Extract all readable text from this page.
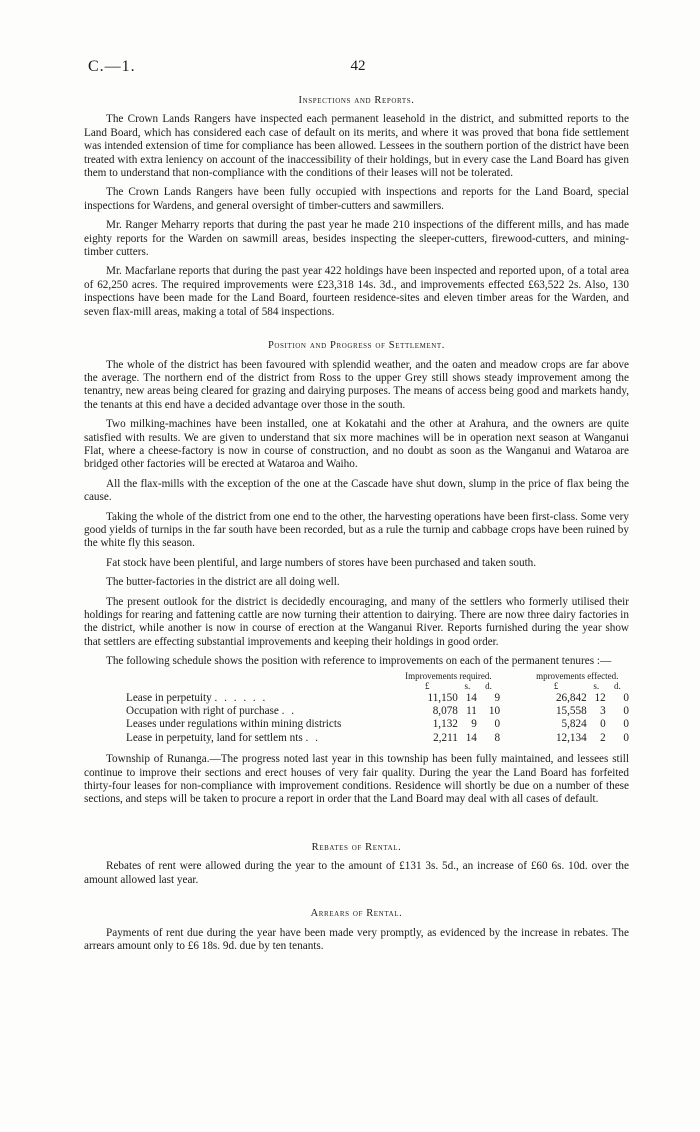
C.—1.	42
Inspections and Reports.

The Crown Lands Rangers have inspected each permanent leasehold in the district, and submitted reports to the Land Board, which has considered each case of default on its merits, and where it was proved that bona fide settlement was intended extension of time for compliance has been allowed. Lessees in the southern portion of the district have been treated with extra leniency on account of the inaccessibility of their holdings, but in every case the Land Board has given them to understand that non-compliance with the conditions of their leases will not be tolerated.

The Crown Lands Rangers have been fully occupied with inspections and reports for the Land Board, special inspections for Wardens, and general oversight of timber-cutters and sawmillers.

Mr. Ranger Meharry reports that during the past year he made 210 inspections of the different mills, and has made eighty reports for the Warden on sawmill areas, besides inspecting the sleeper-cutters, firewood-cutters, and mining-timber cutters.

Mr. Macfarlane reports that during the past year 422 holdings have been inspected and reported upon, of a total area of 62,250 acres. The required improvements were £23,318 14s. 3d., and improvements effected £63,522 2s. Also, 130 inspections have been made for the Land Board, fourteen residence-sites and eleven timber areas for the Warden, and seven flax-mill areas, making a total of 584 inspections.

Position and Progress of Settlement.

The whole of the district has been favoured with splendid weather, and the oaten and meadow crops are far above the average. The northern end of the district from Ross to the upper Grey still shows steady improvement among the tenantry, new areas being cleared for grazing and dairying purposes. The means of access being good and markets handy, the tenants at this end have a decided advantage over those in the south.

Two milking-machines have been installed, one at Kokatahi and the other at Arahura, and the owners are quite satisfied with results. We are given to understand that six more machines will be in operation next season at Wanganui Flat, where a cheese-factory is now in course of construction, and no doubt as soon as the Wanganui and Wataroa are bridged other factories will be erected at Wataroa and Waiho.

All the flax-mills with the exception of the one at the Cascade have shut down, slump in the price of flax being the cause.

Taking the whole of the district from one end to the other, the harvesting operations have been first-class. Some very good yields of turnips in the far south have been recorded, but as a rule the turnip and cabbage crops have been ruined by the white fly this season.

Fat stock have been plentiful, and large numbers of stores have been purchased and taken south.

The butter-factories in the district are all doing well.

The present outlook for the district is decidedly encouraging, and many of the settlers who formerly utilised their holdings for rearing and fattening cattle are now turning their attention to dairying. There are now three dairy factories in the district, while another is now in course of erection at the Wanganui River. Reports furnished during the year show that settlers are effecting substantial improvements and keeping their holdings in good order.

The following schedule shows the position with reference to improvements on each of the permanent tenures :—

	Improvements required.				mprovements effected.		
	£	s.	d.		£	s.	d.
Lease in perpetuity . . . . . .	11,150	14	9		26,842	12	0
Occupation with right of purchase . .	8,078	11	10		15,558	3	0
Leases under regulations within mining districts	1,132	9	0		5,824	0	0
Lease in perpetuity, land for settlem nts . .	2,211	14	8		12,134	2	0

Township of Runanga.—The progress noted last year in this township has been fully maintained, and lessees still continue to improve their sections and erect houses of very fair quality. During the year the Land Board has forfeited thirty-four leases for non-compliance with improvement conditions. Residence will shortly be due on a number of these sections, and steps will be taken to procure a report in order that the Land Board may deal with all cases of default.

Rebates of Rental.

Rebates of rent were allowed during the year to the amount of £131 3s. 5d., an increase of £60 6s. 10d. over the amount allowed last year.

Arrears of Rental.

Payments of rent due during the year have been made very promptly, as evidenced by the increase in rebates. The arrears amount only to £6 18s. 9d. due by ten tenants.
